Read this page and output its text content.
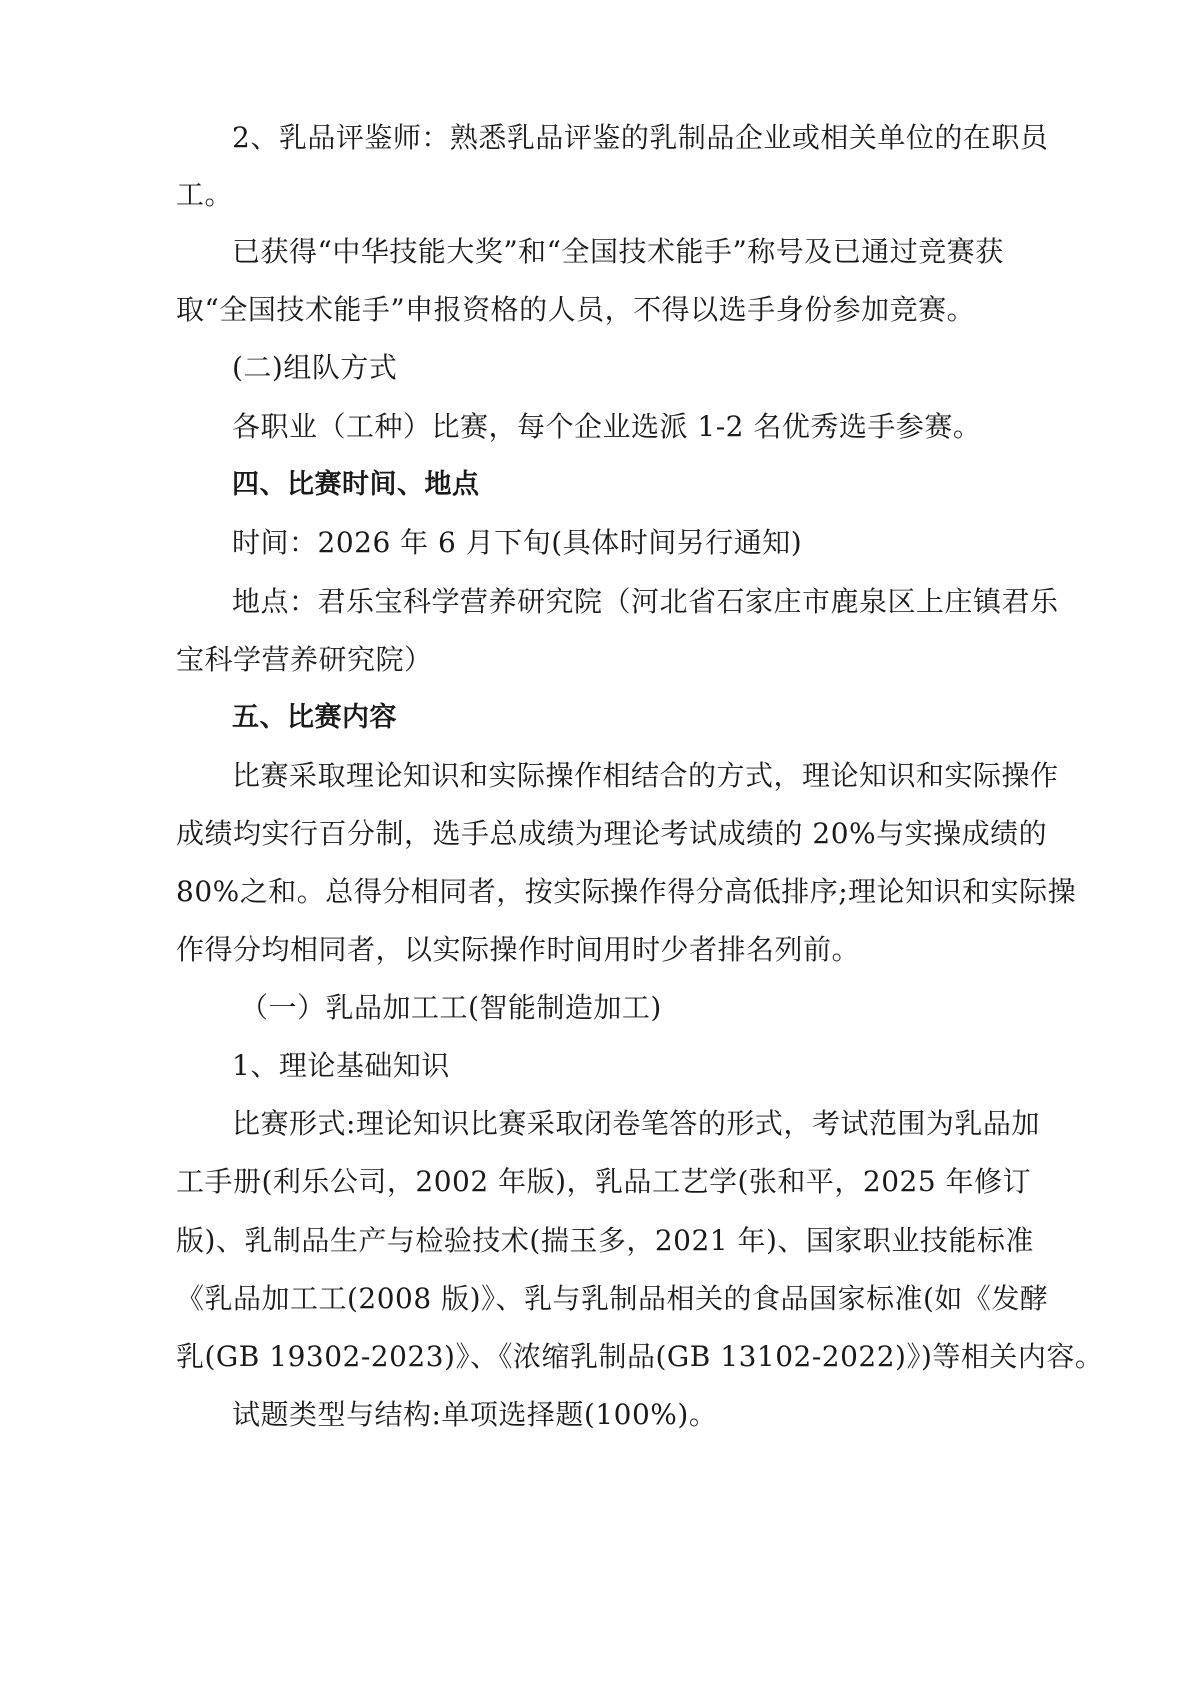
2、乳品评鉴师：熟悉乳品评鉴的乳制品企业或相关单位的在职员
工。
已获得“中华技能大奖”和“全国技术能手”称号及已通过竞赛获
取“全国技术能手”申报资格的人员，不得以选手身份参加竞赛。
(二)组队方式
各职业（工种）比赛，每个企业选派 1-2 名优秀选手参赛。
四、比赛时间、地点
时间：2026 年 6 月下旬(具体时间另行通知)
地点：君乐宝科学营养研究院（河北省石家庄市鹿泉区上庄镇君乐
宝科学营养研究院）
五、比赛内容
比赛采取理论知识和实际操作相结合的方式，理论知识和实际操作
成绩均实行百分制，选手总成绩为理论考试成绩的 20%与实操成绩的
80%之和。总得分相同者，按实际操作得分高低排序;理论知识和实际操
作得分均相同者，以实际操作时间用时少者排名列前。
（一）乳品加工工(智能制造加工)
1、理论基础知识
比赛形式:理论知识比赛采取闭卷笔答的形式，考试范围为乳品加
工手册(利乐公司，2002 年版)，乳品工艺学(张和平，2025 年修订
版)、乳制品生产与检验技术(揣玉多，2021 年)、国家职业技能标准
《乳品加工工(2008 版)》、乳与乳制品相关的食品国家标准(如《发酵
乳(GB 19302-2023)》、《浓缩乳制品(GB 13102-2022)》)等相关内容。
试题类型与结构:单项选择题(100%)。
